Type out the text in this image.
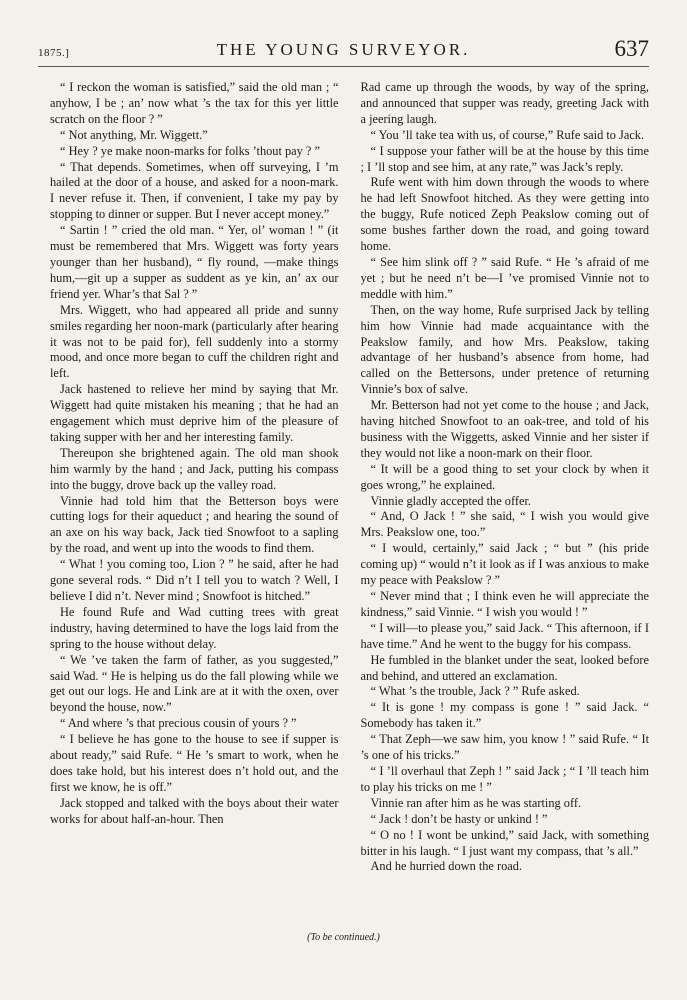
1875.]	THE YOUNG SURVEYOR.	637

“ I reckon the woman is satisfied,” said the old man ; “ anyhow, I be ; an’ now what ’s the tax for this yer little scratch on the floor ? ”

“ Not anything, Mr. Wiggett.”

“ Hey ? ye make noon-marks for folks ’thout pay ? ”

“ That depends. Sometimes, when off surveying, I ’m hailed at the door of a house, and asked for a noon-mark. I never refuse it. Then, if convenient, I take my pay by stopping to dinner or supper. But I never accept money.”

“ Sartin ! ” cried the old man. “ Yer, ol’ woman ! ” (it must be remembered that Mrs. Wiggett was forty years younger than her husband), “ fly round, —make things hum,—git up a supper as suddent as ye kin, an’ ax our friend yer. Whar’s that Sal ? ”

Mrs. Wiggett, who had appeared all pride and sunny smiles regarding her noon-mark (particularly after hearing it was not to be paid for), fell suddenly into a stormy mood, and once more began to cuff the children right and left.

Jack hastened to relieve her mind by saying that Mr. Wiggett had quite mistaken his meaning ; that he had an engagement which must deprive him of the pleasure of taking supper with her and her interesting family.

Thereupon she brightened again. The old man shook him warmly by the hand ; and Jack, putting his compass into the buggy, drove back up the valley road.

Vinnie had told him that the Betterson boys were cutting logs for their aqueduct ; and hearing the sound of an axe on his way back, Jack tied Snowfoot to a sapling by the road, and went up into the woods to find them.

“ What ! you coming too, Lion ? ” he said, after he had gone several rods. “ Did n’t I tell you to watch ? Well, I believe I did n’t. Never mind ; Snowfoot is hitched.”

He found Rufe and Wad cutting trees with great industry, having determined to have the logs laid from the spring to the house without delay.

“ We ’ve taken the farm of father, as you suggested,” said Wad. “ He is helping us do the fall plowing while we get out our logs. He and Link are at it with the oxen, over beyond the house, now.”

“ And where ’s that precious cousin of yours ? ”

“ I believe he has gone to the house to see if supper is about ready,” said Rufe. “ He ’s smart to work, when he does take hold, but his interest does n’t hold out, and the first we know, he is off.”

Jack stopped and talked with the boys about their water works for about half-an-hour. Then

Rad came up through the woods, by way of the spring, and announced that supper was ready, greeting Jack with a jeering laugh.

“ You ’ll take tea with us, of course,” Rufe said to Jack.

“ I suppose your father will be at the house by this time ; I ’ll stop and see him, at any rate,” was Jack’s reply.

Rufe went with him down through the woods to where he had left Snowfoot hitched. As they were getting into the buggy, Rufe noticed Zeph Peakslow coming out of some bushes farther down the road, and going toward home.

“ See him slink off ? ” said Rufe. “ He ’s afraid of me yet ; but he need n’t be—I ’ve promised Vinnie not to meddle with him.”

Then, on the way home, Rufe surprised Jack by telling him how Vinnie had made acquaintance with the Peakslow family, and how Mrs. Peakslow, taking advantage of her husband’s absence from home, had called on the Bettersons, under pretence of returning Vinnie’s box of salve.

Mr. Betterson had not yet come to the house ; and Jack, having hitched Snowfoot to an oak-tree, and told of his business with the Wiggetts, asked Vinnie and her sister if they would not like a noon-mark on their floor.

“ It will be a good thing to set your clock by when it goes wrong,” he explained.

Vinnie gladly accepted the offer.

“ And, O Jack ! ” she said, “ I wish you would give Mrs. Peakslow one, too.”

“ I would, certainly,” said Jack ; “ but ” (his pride coming up) “ would n’t it look as if I was anxious to make my peace with Peakslow ? ”

“ Never mind that ; I think even he will appreciate the kindness,” said Vinnie. “ I wish you would ! ”

“ I will—to please you,” said Jack. “ This afternoon, if I have time.” And he went to the buggy for his compass.

He fumbled in the blanket under the seat, looked before and behind, and uttered an exclamation.

“ What ’s the trouble, Jack ? ” Rufe asked.

“ It is gone ! my compass is gone ! ” said Jack. “ Somebody has taken it.”

“ That Zeph—we saw him, you know ! ” said Rufe. “ It ’s one of his tricks.”

“ I ’ll overhaul that Zeph ! ” said Jack ; “ I ’ll teach him to play his tricks on me ! ”

Vinnie ran after him as he was starting off.

“ Jack ! don’t be hasty or unkind ! ”

“ O no ! I wont be unkind,” said Jack, with something bitter in his laugh. “ I just want my compass, that ’s all.”

And he hurried down the road.

(To be continued.)
